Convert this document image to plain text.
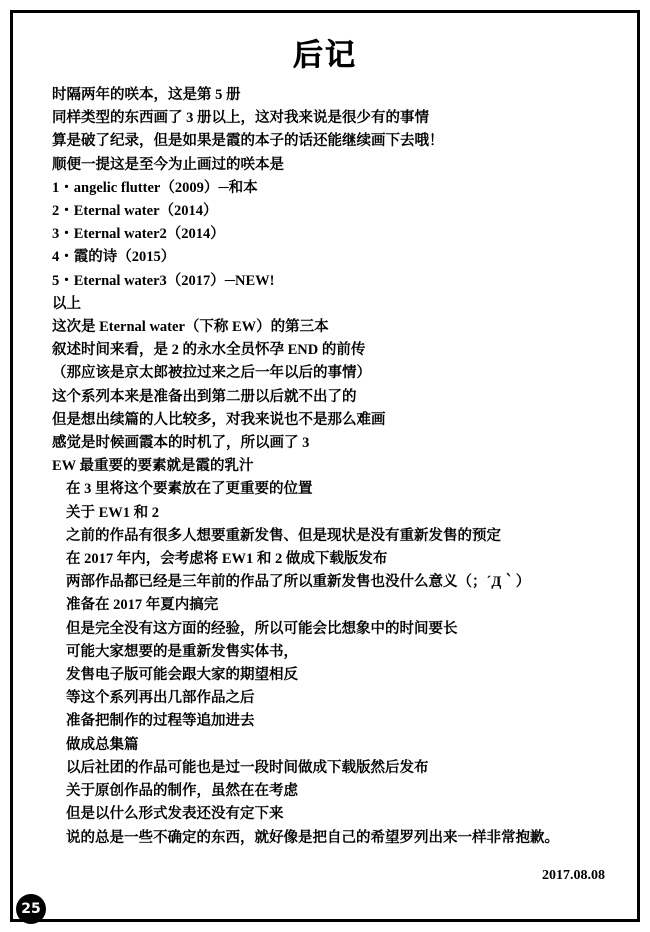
后记
时隔两年的咲本，这是第 5 册
同样类型的东西画了 3 册以上，这对我来说是很少有的事情
算是破了纪录，但是如果是霞的本子的话还能继续画下去哦！
顺便一提这是至今为止画过的咲本是
1・angelic flutter（2009）─和本
2・Eternal water（2014）
3・Eternal water2（2014）
4・霞的诗（2015）
5・Eternal water3（2017）─NEW!
以上
这次是 Eternal water（下称 EW）的第三本
叙述时间来看，是 2 的永水全员怀孕 END 的前传
（那应该是京太郎被拉过来之后一年以后的事情）
这个系列本来是准备出到第二册以后就不出了的
但是想出续篇的人比较多，对我来说也不是那么难画
感觉是时候画霞本的时机了，所以画了 3
EW 最重要的要素就是霞的乳汁
在 3 里将这个要素放在了更重要的位置
关于 EW1 和 2
之前的作品有很多人想要重新发售、但是现状是没有重新发售的预定
在 2017 年内，会考虑将 EW1 和 2 做成下载版发布
两部作品都已经是三年前的作品了所以重新发售也没什么意义（；´Д｀）
准备在 2017 年夏内搞完
但是完全没有这方面的经验，所以可能会比想象中的时间要长
可能大家想要的是重新发售实体书，
发售电子版可能会跟大家的期望相反
等这个系列再出几部作品之后
准备把制作的过程等追加进去
做成总集篇
以后社团的作品可能也是过一段时间做成下载版然后发布
关于原创作品的制作，虽然在在考虑
但是以什么形式发表还没有定下来
说的总是一些不确定的东西，就好像是把自己的希望罗列出来一样非常抱歉。
2017.08.08
25
